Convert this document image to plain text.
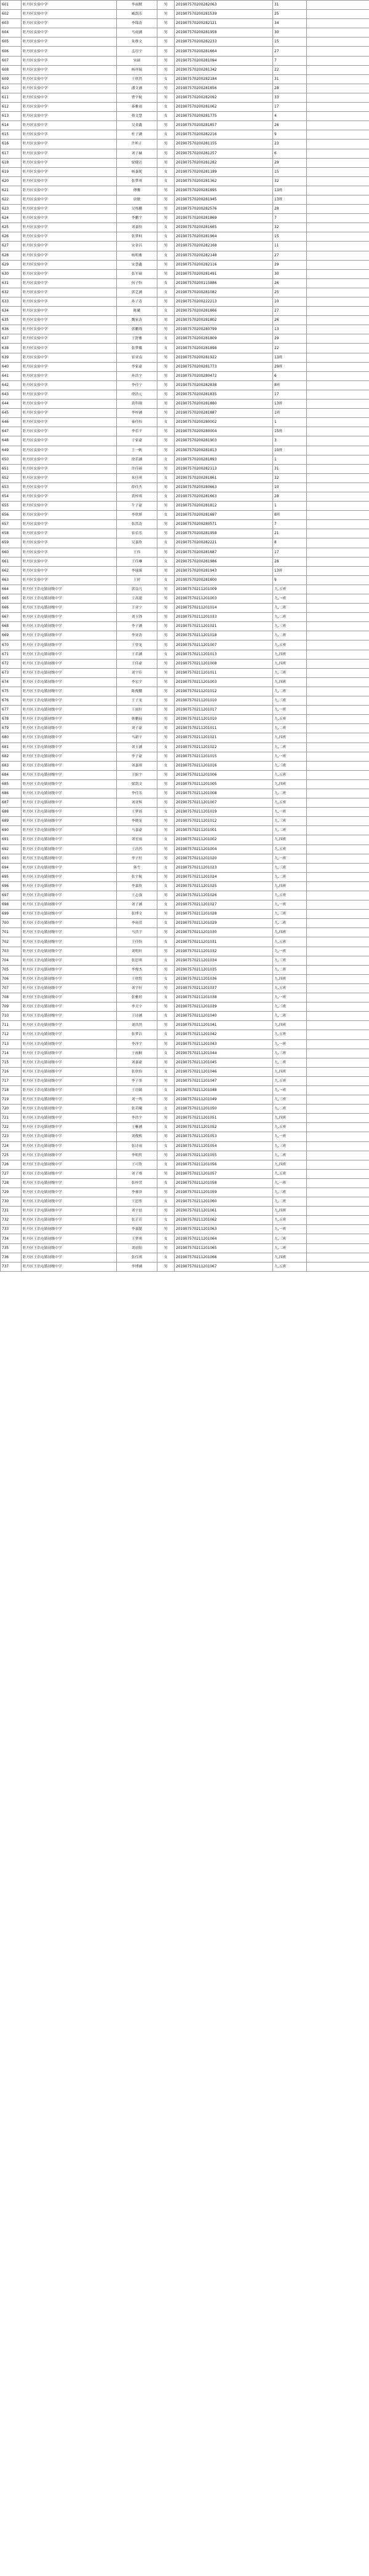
601	牡丹区实验中学	李雨默	男	201907570200282063	31	
602	牡丹区实验中学	臧凯乐	男	201907570200281539	25	
603	牡丹区实验中学	李锦涛	男	201907570200282121	34	
604	牡丹区实验中学	马雨涵	男	201907570200281958	30	
605	牡丹区实验中学	朱维文	男	201907570200282233	15	
606	牡丹区实验中学	孟语宇	男	201907570200281664	27	
607	牡丹区实验中学	宋硕	男	201907570200281094	7	
608	牡丹区实验中学	杨祥瑞	男	201907570200281342	22	
609	牡丹区实验中学	王欣然	女	201907570200282184	31	
610	牡丹区实验中学	潘文涵	男	201907570200281856	28	
611	牡丹区实验中学	曹宇航	男	201907570200282092	33	
612	牡丹区实验中学	秦雅雨	女	201907570200281062	17	
613	牡丹区实验中学	蔡文慧	女	201907570200281775	4	
614	牡丹区实验中学	吴金鑫	男	201907570200281857	26	
615	牡丹区实验中学	杜子涵	女	201907570200282216	9	
616	牡丹区实验中学	许昕正	男	201907570200281155	23	
617	牡丹区实验中学	刘子赫	男	201907570200281257	6	
618	牡丹区实验中学	梁健达	男	201907570200281282	29	
619	牡丹区实验中学	杨嘉妮	女	201907570200281189	15	
620	牡丹区实验中学	张梦琪	女	201907570200281362	32	
621	牡丹区实验中学	傅馨	男	201907570200281895	13班	
622	牡丹区实验中学	唐敏	男	201907570200281945	13班	
623	牡丹区实验中学	吴烁鹏	男	201907570200282576	28	
624	牡丹区实验中学	李鹏宇	男	201907570200281869	7	
625	牡丹区实验中学	刘嘉怡	女	201907570200281665	32	
626	牡丹区实验中学	张梦柯	女	201907570200281964	15	
627	牡丹区实验中学	宋金昌	男	201907570200282168	11	
628	牡丹区实验中学	杨明雅	女	201907570200282148	27	
629	牡丹区实验中学	宋慧鑫	男	201907570200282116	29	
630	牡丹区实验中学	张军硕	男	201907570200281491	30	
631	牡丹区实验中学	何子怡	女	201907570200115886	26	
632	牡丹区实验中学	郭艺涵	女	201907570200281082	25	
633	牡丹区实验中学	孙子涛	男	201907570200222213	10	
634	牡丹区实验中学	陈曦	女	201907570200281866	27	
635	牡丹区实验中学	魏家涛	男	201907570200281802	26	
636	牡丹区实验中学	郭鹏翔	男	201907570200280799	13	
637	牡丹区实验中学	王舒雅	女	201907570200281809	29	
638	牡丹区实验中学	张梦璐	女	201907570200281898	22	
639	牡丹区实验中学	崔亚南	男	201907570200281922	13班	
640	牡丹区实验中学	李家豪	男	201907570200281773	29班	
641	牡丹区实验中学	孙浩宇	男	201907570200280472	6	
642	牡丹区实验中学	李佳宁	男	201907570200282838	8班	
643	牡丹区实验中学	徐浩元	男	201907570200281835	17	
644	牡丹区实验中学	黄科翔	男	201907570200281880	13班	
645	牡丹区实验中学	李梓涵	男	201907570200281887	1班	
646	牡丹区实验中学	秦佳怡	女	201907570200280002	1	
647	牡丹区实验中学	李乐平	男	201907570200280004	15班	
648	牡丹区实验中学	于家豪	男	201907570200281903	3	
649	牡丹区实验中学	王一帆	男	201907570200281813	10班	
650	牡丹区实验中学	徐若涵	女	201907570200281893	1	
651	牡丹区实验中学	许佳硕	男	201907570200282113	31	
652	牡丹区实验中学	朱佳琪	女	201907570200281861	32	
653	牡丹区实验中学	薛佳杰	男	201907570200280663	10	
654	牡丹区实验中学	黄梓琪	女	201907570200281663	28	
655	牡丹区实验中学	牛子豪	男	201907570200281812	1	
656	牡丹区实验中学	李欣妍	女	201907570200281697	8班	
657	牡丹区实验中学	张洪涛	男	201907570200280571	7	
658	牡丹区实验中学	崔乐乐	男	201907570200281958	21	
659	牡丹区实验中学	吴嘉欣	女	201907570200282221	8	
660	牡丹区实验中学	王伟	男	201907570200281687	17	
661	牡丹区实验中学	王佳琳	女	201907570200281986	28	
662	牡丹区实验中学	李瑞臻	男	201907570200281943	13班	
663	牡丹区实验中学	王婷	女	201907570200281800	9	
664	牡丹区王浩屯镇初级中学	郭益凡	男	201907570211201009	九,五班	
665	牡丹区王浩屯镇初级中学	王高建	男	201907570211201003	九,一班	
666	牡丹区王浩屯镇初级中学	王亚宁	男	201907570211201014	九,二班	
667	牡丹区王浩屯镇初级中学	刘玉锋	男	201907570211201033	九,二班	
668	牡丹区王浩屯镇初级中学	李子涵	男	201907570211201021	九,三班	
669	牡丹区王浩屯镇初级中学	李亚涛	男	201907570211201018	九,二班	
670	牡丹区王浩屯镇初级中学	王曾龙	男	201907570211201007	九,五班	
671	牡丹区王浩屯镇初级中学	王若涵	女	201907570211201013	九,四班	
672	牡丹区王浩屯镇初级中学	王佳豪	男	201907570211201008	九,四班	
673	牡丹区王浩屯镇初级中学	刘宇佳	男	201907570211201011	九,三班	
674	牡丹区王浩屯镇初级中学	李宏宇	男	201907570211201003	九,四班	
675	牡丹区王浩屯镇初级中学	陈俊鹏	男	201907570211201012	九,二班	
676	牡丹区王浩屯镇初级中学	王子龙	男	201907570211201010	九,三班	
677	牡丹区王浩屯镇初级中学	王雨轩	男	201907570211201017	九,一班	
678	牡丹区王浩屯镇初级中学	韩鹏展	男	201907570211201010	九,五班	
679	牡丹区王浩屯镇初级中学	刘子豪	男	201907570211201011	九,二班	
680	牡丹区王浩屯镇初级中学	马新宇	男	201907570211201021	九,四班	
681	牡丹区王浩屯镇初级中学	刘玉涵	女	201907570211201022	九,二班	
682	牡丹区王浩屯镇初级中学	李子豪	男	201907570211201015	九,一班	
683	牡丹区王浩屯镇初级中学	刘嘉琪	女	201907570211201016	九,三班	
684	牡丹区王浩屯镇初级中学	王振宇	男	201907570211201006	九,五班	
685	牡丹区王浩屯镇初级中学	梁凯文	男	201907570211201005	九,四班	
686	牡丹区王浩屯镇初级中学	李佳乐	男	201907570211201008	九,二班	
687	牡丹区王浩屯镇初级中学	刘亚辉	男	201907570211201007	九,五班	
688	牡丹区王浩屯镇初级中学	王梦瑶	女	201907570211201019	九,一班	
689	牡丹区王浩屯镇初级中学	李晓龙	男	201907570211201012	九,三班	
690	牡丹区王浩屯镇初级中学	马嘉豪	男	201907570211201001	九,二班	
691	牡丹区王浩屯镇初级中学	刘星雨	女	201907570211201002	九,四班	
692	牡丹区王浩屯镇初级中学	王浩然	男	201907570211201004	九,五班	
693	牡丹区王浩屯镇初级中学	李子轩	男	201907570211201020	九,一班	
694	牡丹区王浩屯镇初级中学	韩雪	女	201907570211201023	九,三班	
695	牡丹区王浩屯镇初级中学	张宇航	男	201907570211201024	九,二班	
696	牡丹区王浩屯镇初级中学	李嘉欣	女	201907570211201025	九,四班	
697	牡丹区王浩屯镇初级中学	王志强	男	201907570211201026	九,五班	
698	牡丹区王浩屯镇初级中学	刘子涵	女	201907570211201027	九,一班	
699	牡丹区王浩屯镇初级中学	张博文	男	201907570211201028	九,三班	
700	牡丹区王浩屯镇初级中学	李雨萱	女	201907570211201029	九,二班	
701	牡丹区王浩屯镇初级中学	马浩宇	男	201907570211201030	九,四班	
702	牡丹区王浩屯镇初级中学	王佳怡	女	201907570211201031	九,五班	
703	牡丹区王浩屯镇初级中学	刘明轩	男	201907570211201032	九,一班	
704	牡丹区王浩屯镇初级中学	张思琪	女	201907570211201034	九,三班	
705	牡丹区王浩屯镇初级中学	李俊杰	男	201907570211201035	九,二班	
706	牡丹区王浩屯镇初级中学	王欣悦	女	201907570211201036	九,四班	
707	牡丹区王浩屯镇初级中学	刘宇轩	男	201907570211201037	九,五班	
708	牡丹区王浩屯镇初级中学	张雅婷	女	201907570211201038	九,一班	
709	牡丹区王浩屯镇初级中学	李天宇	男	201907570211201039	九,三班	
710	牡丹区王浩屯镇初级中学	王诗涵	女	201907570211201040	九,二班	
711	牡丹区王浩屯镇初级中学	刘浩然	男	201907570211201041	九,四班	
712	牡丹区王浩屯镇初级中学	张梦洁	女	201907570211201042	九,五班	
713	牡丹区王浩屯镇初级中学	李泽宇	男	201907570211201043	九,一班	
714	牡丹区王浩屯镇初级中学	王雨桐	女	201907570211201044	九,三班	
715	牡丹区王浩屯镇初级中学	刘嘉豪	男	201907570211201045	九,二班	
716	牡丹区王浩屯镇初级中学	张欣怡	女	201907570211201046	九,四班	
717	牡丹区王浩屯镇初级中学	李子墨	男	201907570211201047	九,五班	
718	牡丹区王浩屯镇初级中学	王语嫣	女	201907570211201048	九,一班	
719	牡丹区王浩屯镇初级中学	刘一鸣	男	201907570211201049	九,三班	
720	牡丹区王浩屯镇初级中学	张若曦	女	201907570211201050	九,二班	
721	牡丹区王浩屯镇初级中学	李浩宇	男	201907570211201051	九,四班	
722	牡丹区王浩屯镇初级中学	王紫涵	女	201907570211201052	九,五班	
723	牡丹区王浩屯镇初级中学	刘俊熙	男	201907570211201053	九,一班	
724	牡丹区王浩屯镇初级中学	张诗雨	女	201907570211201054	九,三班	
725	牡丹区王浩屯镇初级中学	李明哲	男	201907570211201055	九,二班	
726	牡丹区王浩屯镇初级中学	王可欣	女	201907570211201056	九,四班	
727	牡丹区王浩屯镇初级中学	刘子骞	男	201907570211201057	九,五班	
728	牡丹区王浩屯镇初级中学	张梓萱	女	201907570211201058	九,一班	
729	牡丹区王浩屯镇初级中学	李睿泽	男	201907570211201059	九,三班	
730	牡丹区王浩屯镇初级中学	王思彤	女	201907570211201060	九,二班	
731	牡丹区王浩屯镇初级中学	刘宇晨	男	201907570211201061	九,四班	
732	牡丹区王浩屯镇初级中学	张芷若	女	201907570211201062	九,五班	
733	牡丹区王浩屯镇初级中学	李嘉懿	男	201907570211201063	九,一班	
734	牡丹区王浩屯镇初级中学	王梦琪	女	201907570211201064	九,三班	
735	牡丹区王浩屯镇初级中学	刘晨阳	男	201907570211201065	九,二班	
736	牡丹区王浩屯镇初级中学	张佳琪	女	201907570211201066	九,四班	
737	牡丹区王浩屯镇初级中学	李博涵	男	201907570211201067	九,五班	
